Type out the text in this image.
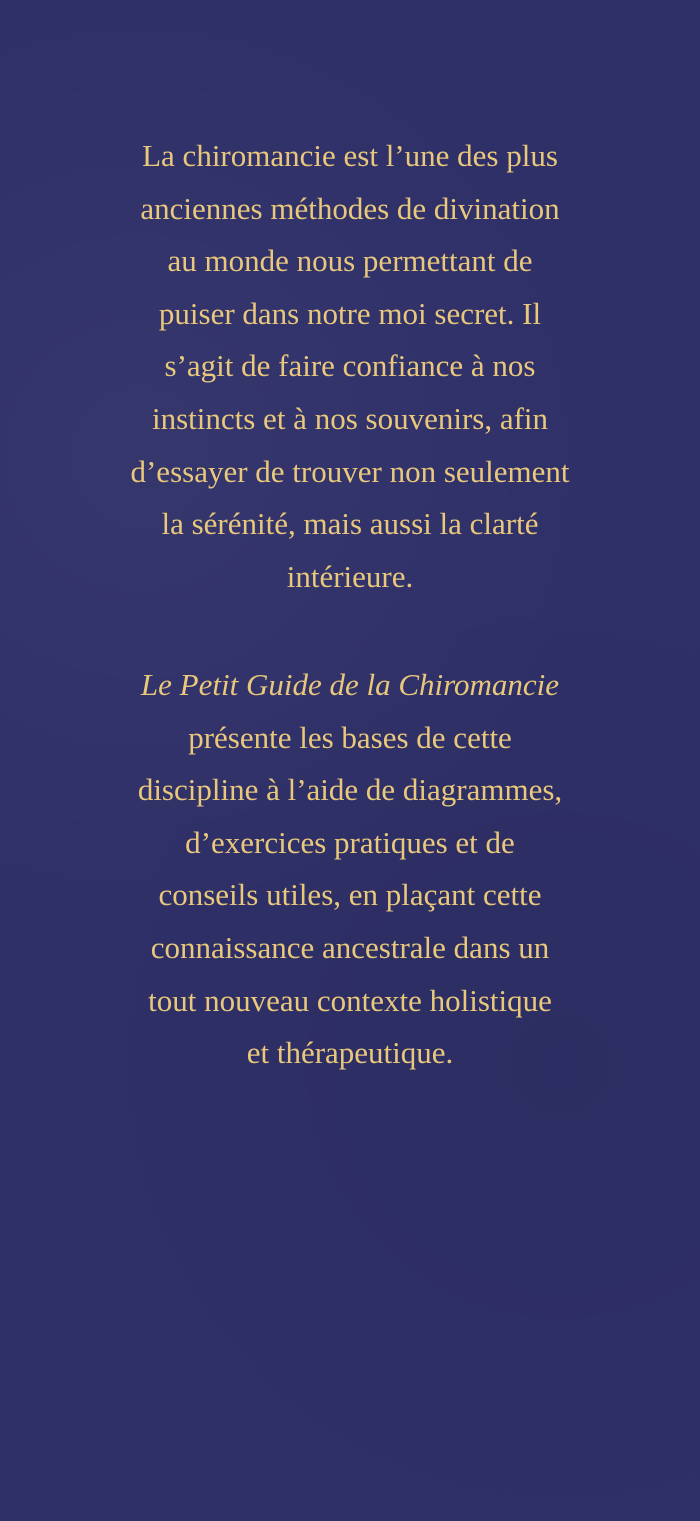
La chiromancie est l’une des plus
anciennes méthodes de divination
au monde nous permettant de
puiser dans notre moi secret. Il
s’agit de faire confiance à nos
instincts et à nos souvenirs, afin
d’essayer de trouver non seulement
la sérénité, mais aussi la clarté
intérieure.
Le Petit Guide de la Chiromancie
présente les bases de cette
discipline à l’aide de diagrammes,
d’exercices pratiques et de
conseils utiles, en plaçant cette
connaissance ancestrale dans un
tout nouveau contexte holistique
et thérapeutique.
